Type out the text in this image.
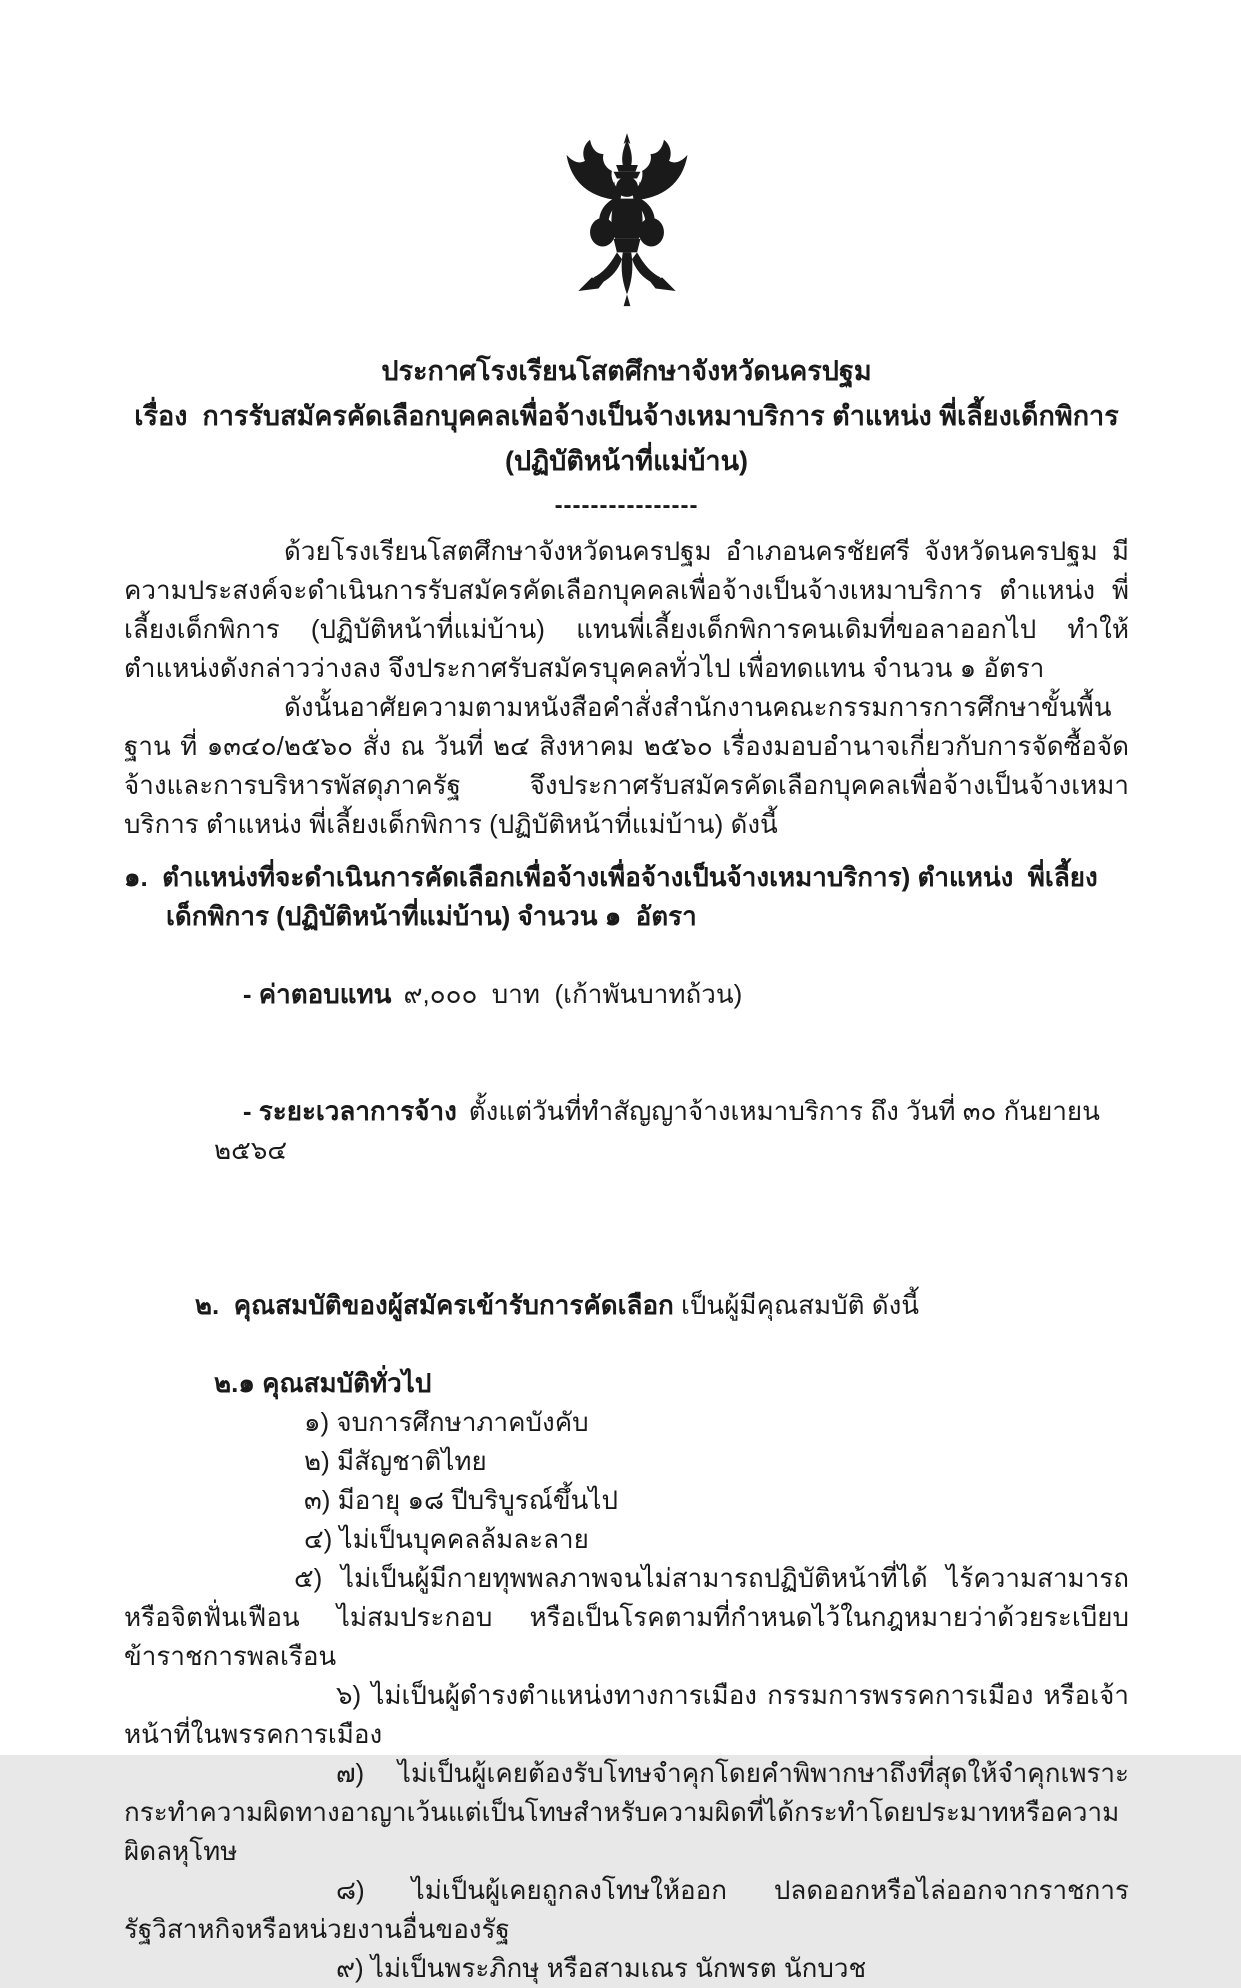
ประกาศโรงเรียนโสตศึกษาจังหวัดนครปฐม
เรื่อง  การรับสมัครคัดเลือกบุคคลเพื่อจ้างเป็นจ้างเหมาบริการ ตำแหน่ง พี่เลี้ยงเด็กพิการ
(ปฏิบัติหน้าที่แม่บ้าน)
----------------

ด้วยโรงเรียนโสตศึกษาจังหวัดนครปฐม อำเภอนครชัยศรี จังหวัดนครปฐม มีความประสงค์จะดำเนินการรับสมัครคัดเลือกบุคคลเพื่อจ้างเป็นจ้างเหมาบริการ ตำแหน่ง พี่เลี้ยงเด็กพิการ (ปฏิบัติหน้าที่แม่บ้าน) แทนพี่เลี้ยงเด็กพิการคนเดิมที่ขอลาออกไป ทำให้ตำแหน่งดังกล่าวว่างลง จึงประกาศรับสมัครบุคคลทั่วไป เพื่อทดแทน จำนวน ๑ อัตรา

ดังนั้นอาศัยความตามหนังสือคำสั่งสำนักงานคณะกรรมการการศึกษาขั้นพื้นฐาน ที่ ๑๓๔๐/๒๕๖๐ สั่ง ณ วันที่ ๒๔ สิงหาคม ๒๕๖๐ เรื่องมอบอำนาจเกี่ยวกับการจัดซื้อจัดจ้างและการบริหารพัสดุภาครัฐ จึงประกาศรับสมัครคัดเลือกบุคคลเพื่อจ้างเป็นจ้างเหมาบริการ ตำแหน่ง พี่เลี้ยงเด็กพิการ (ปฏิบัติหน้าที่แม่บ้าน) ดังนี้

๑.  ตำแหน่งที่จะดำเนินการคัดเลือกเพื่อจ้างเพื่อจ้างเป็นจ้างเหมาบริการ) ตำแหน่ง  พี่เลี้ยงเด็กพิการ (ปฏิบัติหน้าที่แม่บ้าน) จำนวน ๑  อัตรา

- ค่าตอบแทน ๙,๐๐๐  บาท  (เก้าพันบาทถ้วน)

- ระยะเวลาการจ้าง ตั้งแต่วันที่ทำสัญญาจ้างเหมาบริการ ถึง วันที่ ๓๐ กันยายน ๒๕๖๔

๒.  คุณสมบัติของผู้สมัครเข้ารับการคัดเลือก เป็นผู้มีคุณสมบัติ ดังนี้

๒.๑ คุณสมบัติทั่วไป
๑) จบการศึกษาภาคบังคับ
๒) มีสัญชาติไทย
๓) มีอายุ ๑๘ ปีบริบูรณ์ขึ้นไป
๔) ไม่เป็นบุคคลล้มละลาย
๕) ไม่เป็นผู้มีกายทุพพลภาพจนไม่สามารถปฏิบัติหน้าที่ได้ ไร้ความสามารถ หรือจิตฟั่นเฟือน ไม่สมประกอบ หรือเป็นโรคตามที่กำหนดไว้ในกฎหมายว่าด้วยระเบียบข้าราชการพลเรือน
๖) ไม่เป็นผู้ดำรงตำแหน่งทางการเมือง กรรมการพรรคการเมือง หรือเจ้าหน้าที่ในพรรคการเมือง
๗) ไม่เป็นผู้เคยต้องรับโทษจำคุกโดยคำพิพากษาถึงที่สุดให้จำคุกเพราะกระทำความผิดทางอาญาเว้นแต่เป็นโทษสำหรับความผิดที่ได้กระทำโดยประมาทหรือความผิดลหุโทษ
๘) ไม่เป็นผู้เคยถูกลงโทษให้ออก ปลดออกหรือไล่ออกจากราชการ รัฐวิสาหกิจหรือหน่วยงานอื่นของรัฐ
๙) ไม่เป็นพระภิกษุ หรือสามเณร นักพรต นักบวช
